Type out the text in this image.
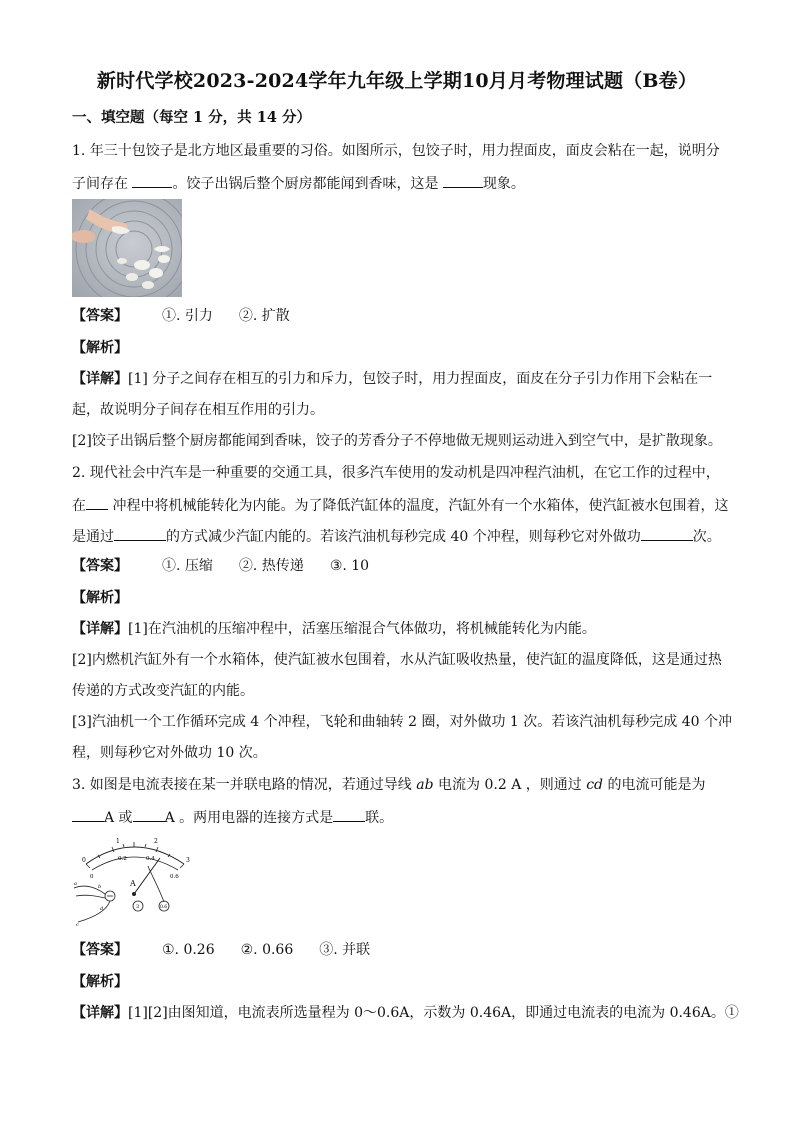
新时代学校2023-2024学年九年级上学期10月月考物理试题（B卷）
一、填空题（每空 1 分，共 14 分）
1. 年三十包饺子是北方地区最重要的习俗。如图所示，包饺子时，用力捏面皮，面皮会粘在一起，说明分
子间存在	。饺子出锅后整个厨房都能闻到香味，这是	现象。
【答案】 ①. 引力 ②. 扩散
【解析】
【详解】[1] 分子之间存在相互的引力和斥力，包饺子时，用力捏面皮，面皮在分子引力作用下会粘在一
起，故说明分子间存在相互作用的引力。
[2]饺子出锅后整个厨房都能闻到香味，饺子的芳香分子不停地做无规则运动进入到空气中，是扩散现象。
2. 现代社会中汽车是一种重要的交通工具，很多汽车使用的发动机是四冲程汽油机，在它工作的过程中，
在 冲程中将机械能转化为内能。为了降低汽缸体的温度，汽缸外有一个水箱体，使汽缸被水包围着，这
是通过	的方式减少汽缸内能的。若该汽油机每秒完成 40 个冲程，则每秒它对外做功	次。
【答案】 ①. 压缩 ②. 热传递 ③. 10
【解析】
【详解】[1]在汽油机的压缩冲程中，活塞压缩混合气体做功，将机械能转化为内能。
[2]内燃机汽缸外有一个水箱体，使汽缸被水包围着，水从汽缸吸收热量，使汽缸的温度降低，这是通过热
传递的方式改变汽缸的内能。
[3]汽油机一个工作循环完成 4 个冲程，飞轮和曲轴转 2 圈，对外做功 1 次。若该汽油机每秒完成 40 个冲
程，则每秒它对外做功 10 次。
3. 如图是电流表接在某一并联电路的情况，若通过导线 ab 电流为 0.2 A ，则通过 cd 的电流可能是为
A 或 A 。两用电器的连接方式是 联。
0
1	2
3
0
0.2	0.4
0.6
A
3	0.6
a	b
c
d
【答案】 ①. 0.26 ②. 0.66 ③. 并联
【解析】
【详解】[1][2]由图知道，电流表所选量程为 0～0.6A，示数为 0.46A，即通过电流表的电流为 0.46A。①
